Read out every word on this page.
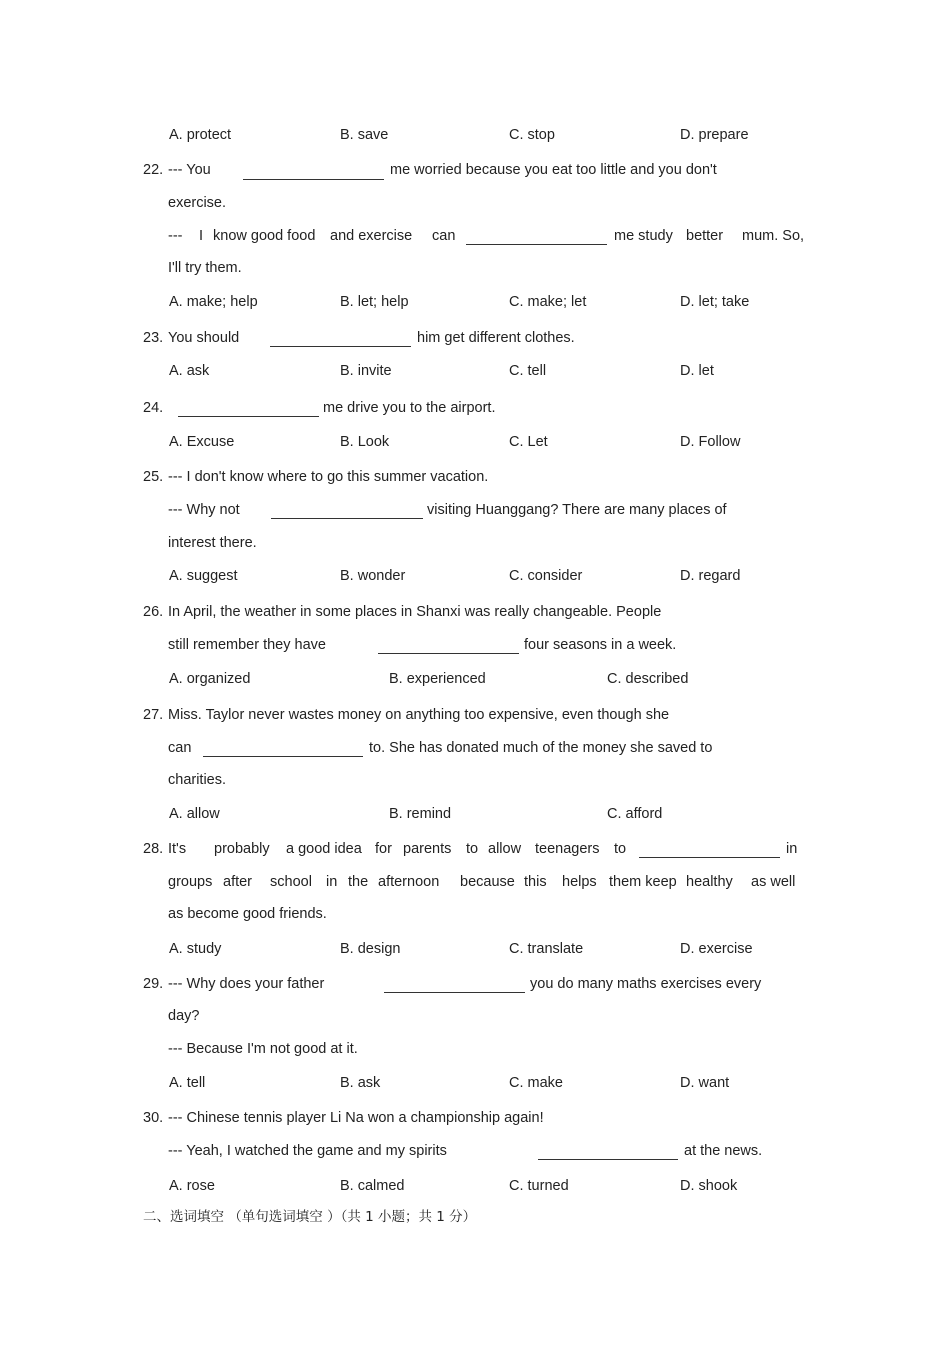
A. protect	B. save	C. stop	D. prepare
22. --- You	me worried because you eat too little and you don't
exercise.
--- I know good food and exercise can	me study better mum. So,
I'll try them.
A. make; help	B. let; help	C. make; let	D. let; take
23. You should	him get different clothes.
A. ask	B. invite	C. tell	D. let
24.	me drive you to the airport.
A. Excuse	B. Look	C. Let	D. Follow
25. --- I don't know where to go this summer vacation.
--- Why not	visiting Huanggang? There are many places of
interest there.
A. suggest	B. wonder	C. consider	D. regard
26. In April, the weather in some places in Shanxi was really changeable. People
still remember they have	four seasons in a week.
A. organized	B. experienced	C. described
27. Miss. Taylor never wastes money on anything too expensive, even though she
can	to. She has donated much of the money she saved to
charities.
A. allow	B. remind	C. afford
28. It's probably a good idea for parents to allow teenagers to	in
groups after school in the afternoon because this helps them keep healthy as well
as become good friends.
A. study	B. design	C. translate	D. exercise
29. --- Why does your father	you do many maths exercises every
day?
--- Because I'm not good at it.
A. tell	B. ask	C. make	D. want
30. --- Chinese tennis player Li Na won a championship again!
--- Yeah, I watched the game and my spirits	at the news.
A. rose	B. calmed	C. turned	D. shook
二、选词填空 （单句选词填空 ）（共 1 小题；共 1 分）
